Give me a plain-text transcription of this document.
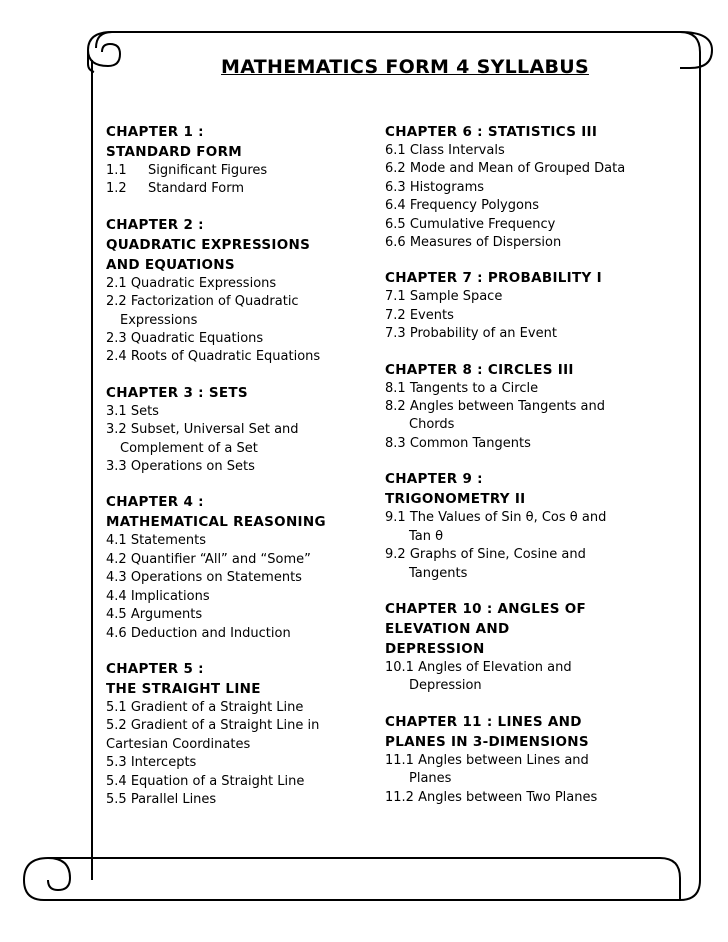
MATHEMATICS FORM 4 SYLLABUS
CHAPTER 1 :
STANDARD FORM
1.1 Significant Figures
1.2 Standard Form
CHAPTER 2 :
QUADRATIC EXPRESSIONS
AND EQUATIONS
2.1 Quadratic Expressions
2.2 Factorization of Quadratic Expressions
2.3 Quadratic Equations
2.4 Roots of Quadratic Equations
CHAPTER 3 : SETS
3.1 Sets
3.2 Subset, Universal Set and Complement of a Set
3.3 Operations on Sets
CHAPTER 4 :
MATHEMATICAL REASONING
4.1 Statements
4.2 Quantifier “All” and “Some”
4.3 Operations on Statements
4.4 Implications
4.5 Arguments
4.6 Deduction and Induction
CHAPTER 5 :
THE STRAIGHT LINE
5.1 Gradient of a Straight Line
5.2 Gradient of a Straight Line in Cartesian Coordinates
5.3 Intercepts
5.4 Equation of a Straight Line
5.5 Parallel Lines
CHAPTER 6 : STATISTICS III
6.1 Class Intervals
6.2 Mode and Mean of Grouped Data
6.3 Histograms
6.4 Frequency Polygons
6.5 Cumulative Frequency
6.6 Measures of Dispersion
CHAPTER 7 : PROBABILITY I
7.1 Sample Space
7.2 Events
7.3 Probability of an Event
CHAPTER 8 : CIRCLES III
8.1 Tangents to a Circle
8.2 Angles between Tangents and Chords
8.3 Common Tangents
CHAPTER 9 :
TRIGONOMETRY II
9.1 The Values of Sin θ, Cos θ and Tan θ
9.2 Graphs of Sine, Cosine and Tangents
CHAPTER 10 : ANGLES OF
ELEVATION AND
DEPRESSION
10.1 Angles of Elevation and Depression
CHAPTER 11 : LINES AND
PLANES IN 3-DIMENSIONS
11.1 Angles between Lines and Planes
11.2 Angles between Two Planes
